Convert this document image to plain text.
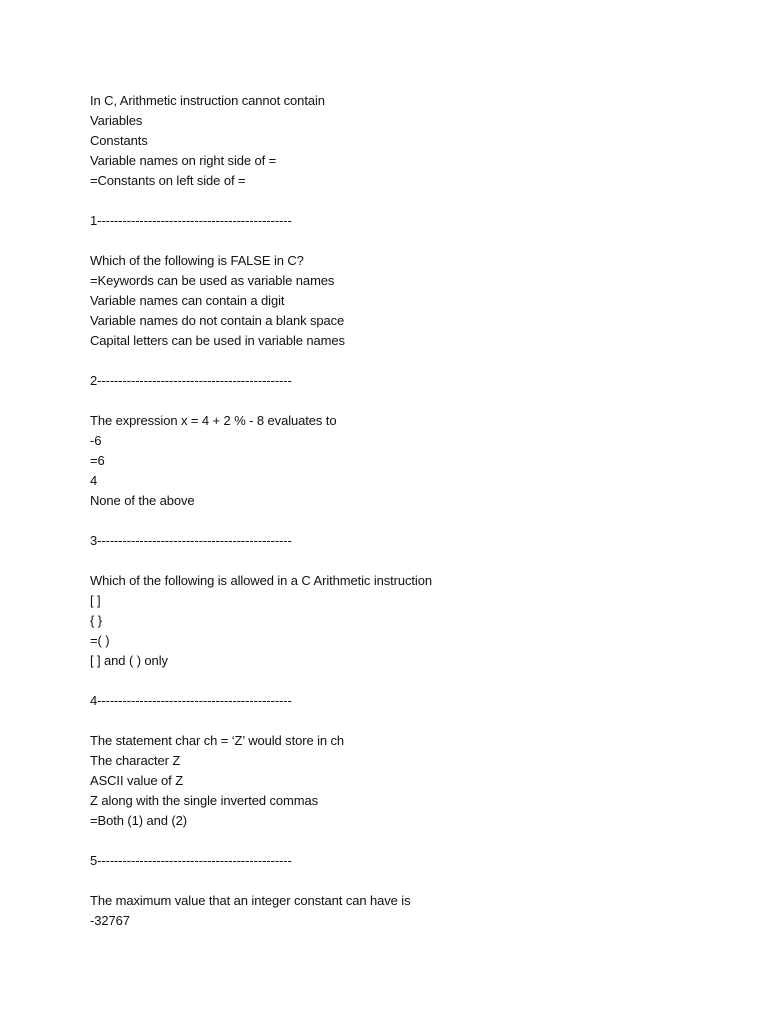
In C, Arithmetic instruction cannot contain
Variables
Constants
Variable names on right side of =
=Constants on left side of =
1----------------------------------------------
Which of the following is FALSE in C?
=Keywords can be used as variable names
Variable names can contain a digit
Variable names do not contain a blank space
Capital letters can be used in variable names
2----------------------------------------------
The expression x = 4 + 2 % - 8 evaluates to
-6
=6
4
None of the above
3----------------------------------------------
Which of the following is allowed in a C Arithmetic instruction
[ ]
{ }
=( )
[ ] and ( ) only
4----------------------------------------------
The statement char ch = ‘Z’ would store in ch
The character Z
ASCII value of Z
Z along with the single inverted commas
=Both (1) and (2)
5----------------------------------------------
The maximum value that an integer constant can have is
-32767
